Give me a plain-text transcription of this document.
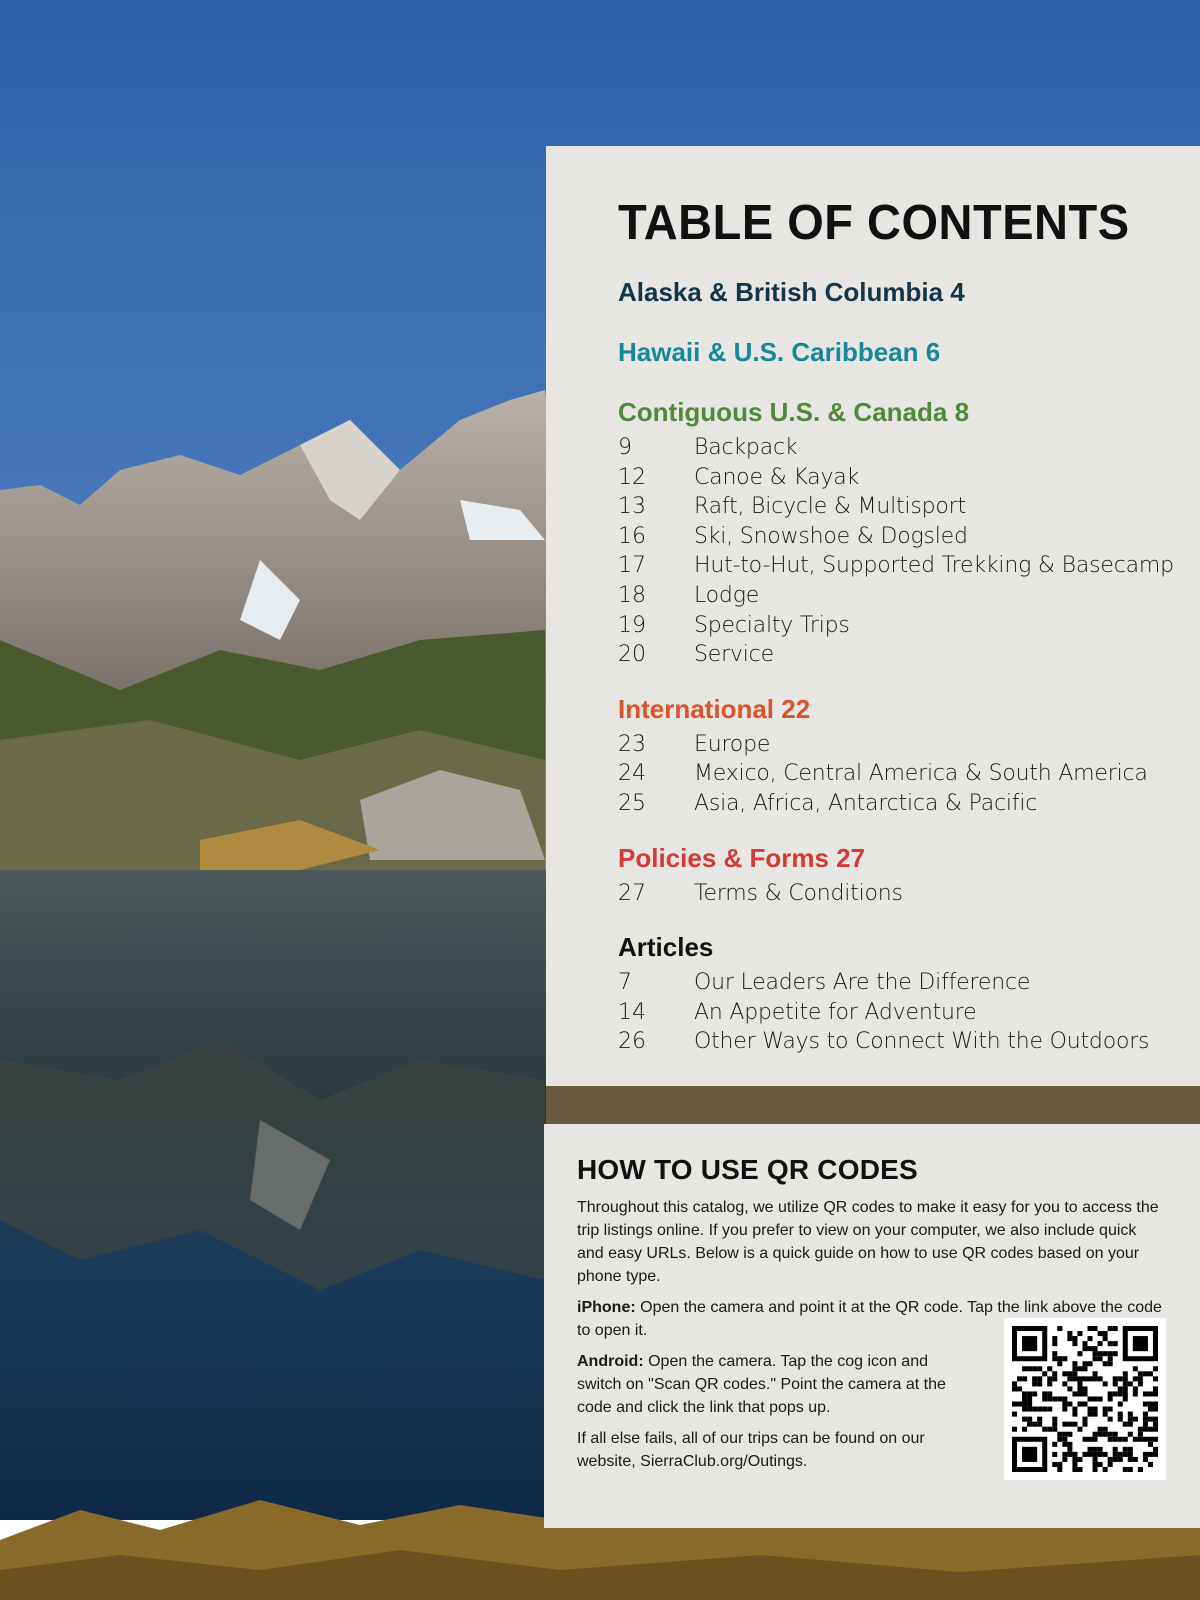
TABLE OF CONTENTS
Alaska & British Columbia 4
Hawaii & U.S. Caribbean 6
Contiguous U.S. & Canada 8
9	Backpack
12	Canoe & Kayak
13	Raft, Bicycle & Multisport
16	Ski, Snowshoe & Dogsled
17	Hut-to-Hut, Supported Trekking & Basecamp
18	Lodge
19	Specialty Trips
20	Service
International 22
23	Europe
24	Mexico, Central America & South America
25	Asia, Africa, Antarctica & Pacific
Policies & Forms 27
27	Terms & Conditions
Articles
7	Our Leaders Are the Difference
14	An Appetite for Adventure
26	Other Ways to Connect With the Outdoors
HOW TO USE QR CODES

Throughout this catalog, we utilize QR codes to make it easy for you to access the trip listings online. If you prefer to view on your computer, we also include quick and easy URLs. Below is a quick guide on how to use QR codes based on your phone type.

iPhone: Open the camera and point it at the QR code. Tap the link above the code to open it.

Android: Open the camera. Tap the cog icon and switch on "Scan QR codes." Point the camera at the code and click the link that pops up.

If all else fails, all of our trips can be found on our website, SierraClub.org/Outings.
